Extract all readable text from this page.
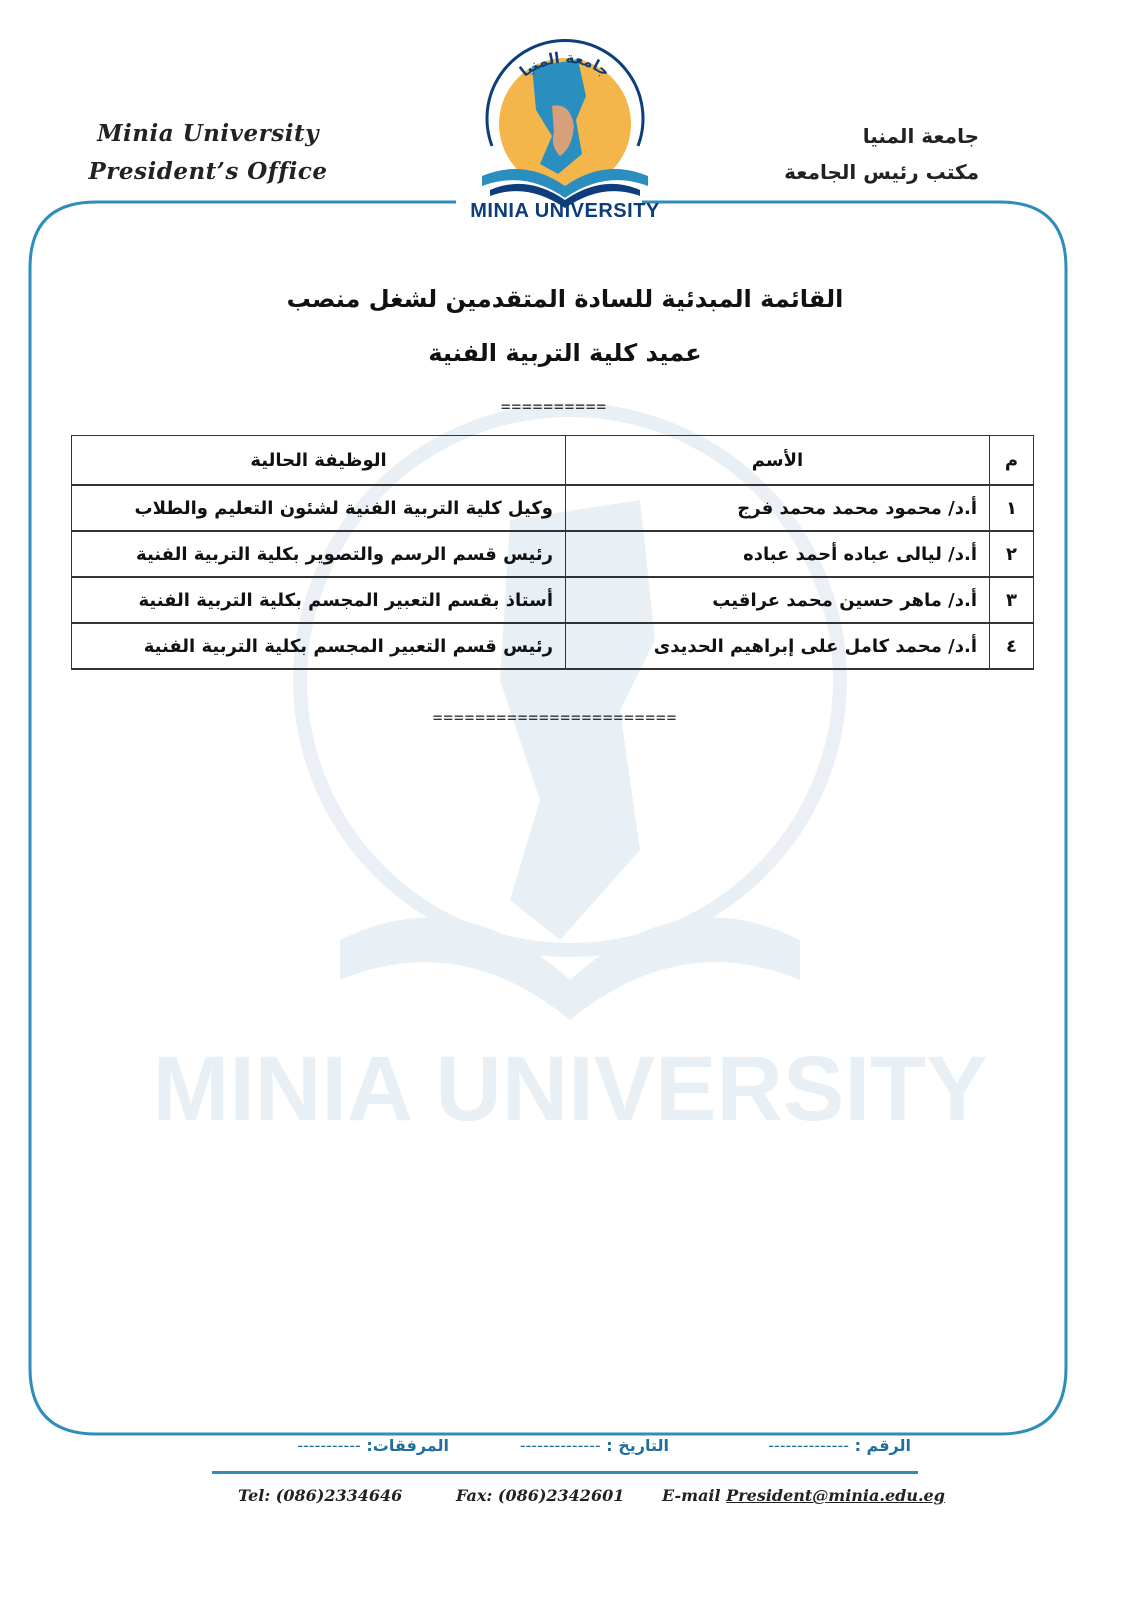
MINIA UNIVERSITY
Minia University
President’s Office
جامعة المنيا
مكتب رئيس الجامعة
جامعة المنيا
MINIA UNIVERSITY
القائمة المبدئية للسادة المتقدمين لشغل منصب
عميد كلية التربية الفنية
==========
م	الأسم	الوظيفة الحالية
١	أ.د/ محمود محمد محمد فرج	وكيل كلية التربية الفنية لشئون التعليم والطلاب
٢	أ.د/ ليالى عباده أحمد عباده	رئيس قسم الرسم والتصوير بكلية التربية الفنية
٣	أ.د/ ماهر حسين محمد عراقيب	أستاذ بقسم التعبير المجسم بكلية التربية الفنية
٤	أ.د/ محمد كامل على إبراهيم الحديدى	رئيس قسم التعبير المجسم بكلية التربية الفنية
=======================
الرقم : --------------
التاريخ : --------------
المرفقات: -----------
Tel: (086)2334646	Fax: (086)2342601 E-mail President@minia.edu.eg
